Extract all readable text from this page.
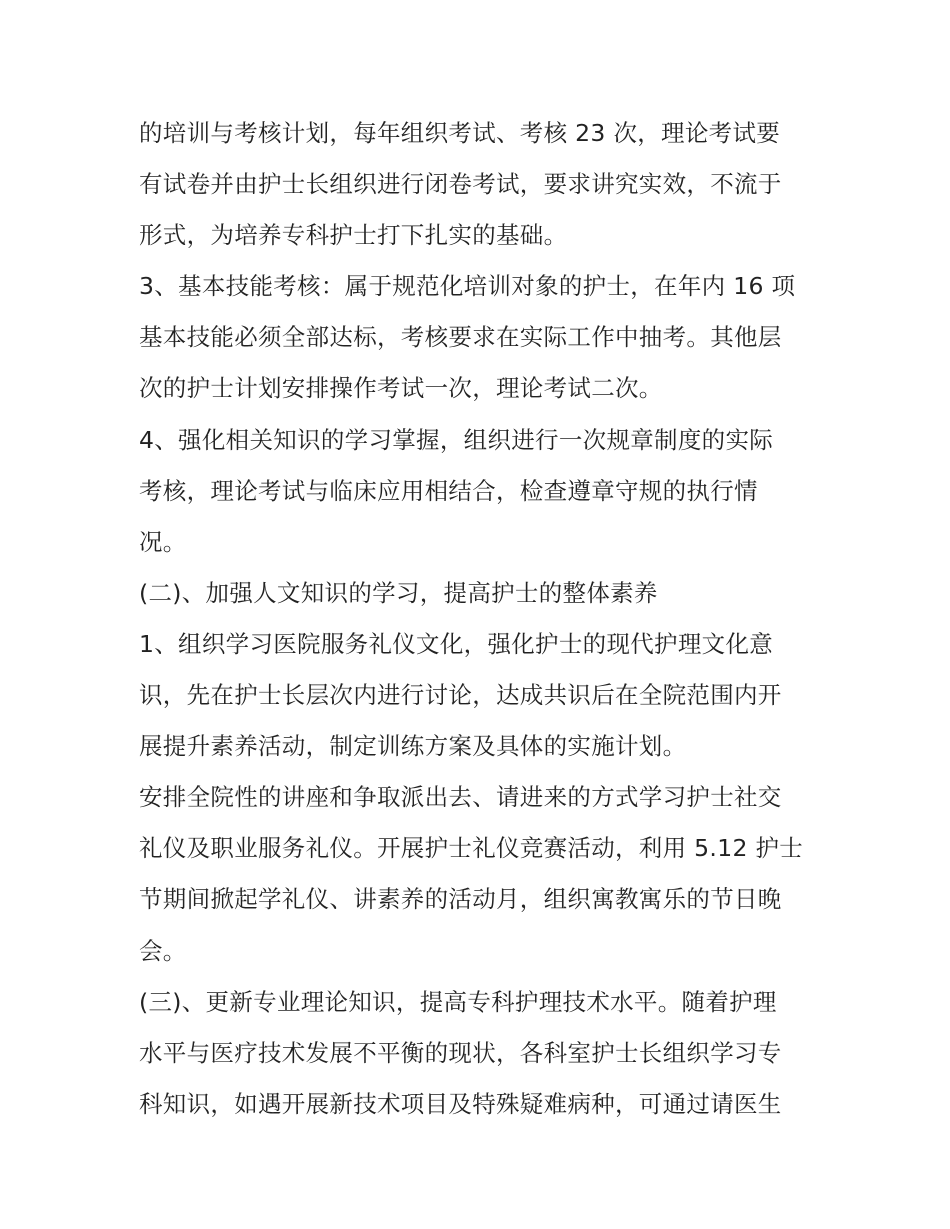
的培训与考核计划，每年组织考试、考核 23 次，理论考试要
有试卷并由护士长组织进行闭卷考试，要求讲究实效，不流于
形式，为培养专科护士打下扎实的基础。
3、基本技能考核：属于规范化培训对象的护士，在年内 16 项
基本技能必须全部达标，考核要求在实际工作中抽考。其他层
次的护士计划安排操作考试一次，理论考试二次。
4、强化相关知识的学习掌握，组织进行一次规章制度的实际
考核，理论考试与临床应用相结合，检查遵章守规的执行情
况。
(二)、加强人文知识的学习，提高护士的整体素养
1、组织学习医院服务礼仪文化，强化护士的现代护理文化意
识，先在护士长层次内进行讨论，达成共识后在全院范围内开
展提升素养活动，制定训练方案及具体的实施计划。
安排全院性的讲座和争取派出去、请进来的方式学习护士社交
礼仪及职业服务礼仪。开展护士礼仪竞赛活动，利用 5.12 护士
节期间掀起学礼仪、讲素养的活动月，组织寓教寓乐的节日晚
会。
(三)、更新专业理论知识，提高专科护理技术水平。随着护理
水平与医疗技术发展不平衡的现状，各科室护士长组织学习专
科知识，如遇开展新技术项目及特殊疑难病种，可通过请医生
